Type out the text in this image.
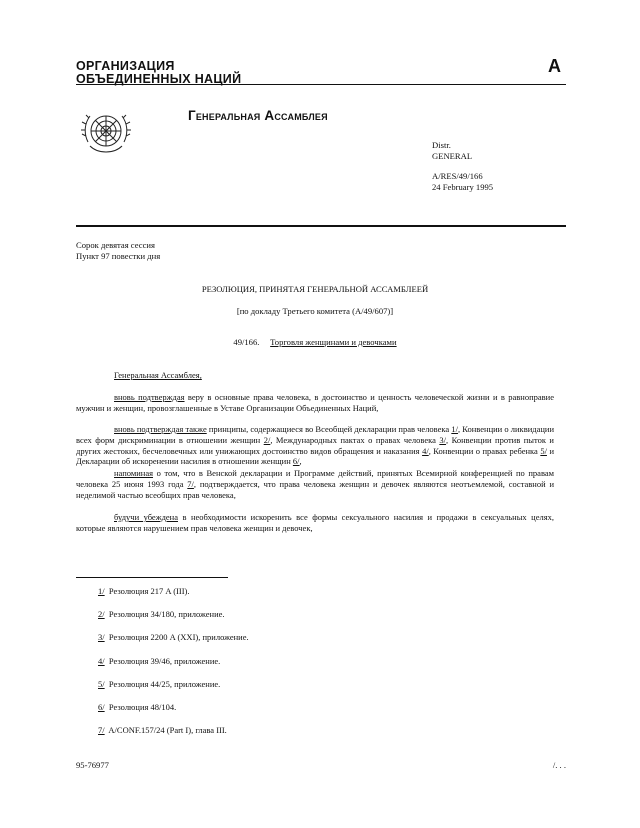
ОРГАНИЗАЦИЯ
ОБЪЕДИНЕННЫХ НАЦИЙ
A
Генеральная Ассамблея
Distr.
GENERAL
A/RES/49/166
24 February 1995
Сорок девятая сессия
Пункт 97 повестки дня
РЕЗОЛЮЦИЯ, ПРИНЯТАЯ ГЕНЕРАЛЬНОЙ АССАМБЛЕЕЙ
[по докладу Третьего комитета (A/49/607)]
49/166. Торговля женщинами и девочками
Генеральная Ассамблея,
вновь подтверждая веру в основные права человека, в достоинство и ценность человеческой жизни и в равноправие мужчин и женщин, провозглашенные в Уставе Организации Объединенных Наций,
вновь подтверждая также принципы, содержащиеся во Всеобщей декларации прав человека 1/, Конвенции о ликвидации всех форм дискриминации в отношении женщин 2/, Международных пактах о правах человека 3/, Конвенции против пыток и других жестоких, бесчеловечных или унижающих достоинство видов обращения и наказания 4/, Конвенции о правах ребенка 5/ и Декларации об искоренении насилия в отношении женщин 6/,
напоминая о том, что в Венской декларации и Программе действий, принятых Всемирной конференцией по правам человека 25 июня 1993 года 7/, подтверждается, что права человека женщин и девочек являются неотъемлемой, составной и неделимой частью всеобщих прав человека,
будучи убеждена в необходимости искоренить все формы сексуального насилия и продажи в сексуальных целях, которые являются нарушением прав человека женщин и девочек,
1/ Резолюция 217 A (III).
2/ Резолюция 34/180, приложение.
3/ Резолюция 2200 A (XXI), приложение.
4/ Резолюция 39/46, приложение.
5/ Резолюция 44/25, приложение.
6/ Резолюция 48/104.
7/ A/CONF.157/24 (Part I), глава III.
95-76977	/. . .
